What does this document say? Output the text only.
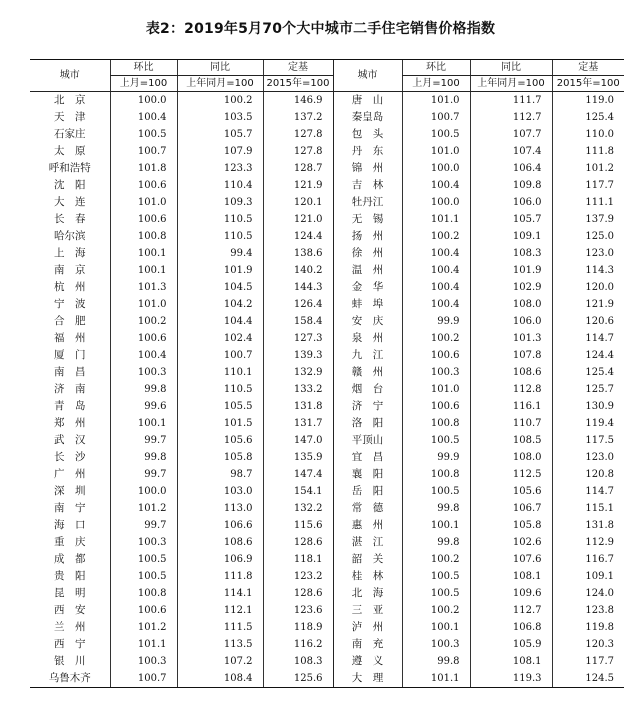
表2：2019年5月70个大中城市二手住宅销售价格指数
城市	环比	同比	定基	城市	环比	同比	定基
	上月=100	上年同月=100	2015年=100		上月=100	上年同月=100	2015年=100
北　京	100.0	100.2	146.9	唐　山	101.0	111.7	119.0
天　津	100.4	103.5	137.2	秦皇岛	100.7	112.7	125.4
石家庄	100.5	105.7	127.8	包　头	100.5	107.7	110.0
太　原	100.7	107.9	127.8	丹　东	101.0	107.4	111.8
呼和浩特	101.8	123.3	128.7	锦　州	100.0	106.4	101.2
沈　阳	100.6	110.4	121.9	吉　林	100.4	109.8	117.7
大　连	101.0	109.3	120.1	牡丹江	100.0	106.0	111.1
长　春	100.6	110.5	121.0	无　锡	101.1	105.7	137.9
哈尔滨	100.8	110.5	124.4	扬　州	100.2	109.1	125.0
上　海	100.1	99.4	138.6	徐　州	100.4	108.3	123.0
南　京	100.1	101.9	140.2	温　州	100.4	101.9	114.3
杭　州	101.3	104.5	144.3	金　华	100.4	102.9	120.0
宁　波	101.0	104.2	126.4	蚌　埠	100.4	108.0	121.9
合　肥	100.2	104.4	158.4	安　庆	99.9	106.0	120.6
福　州	100.6	102.4	127.3	泉　州	100.2	101.3	114.7
厦　门	100.4	100.7	139.3	九　江	100.6	107.8	124.4
南　昌	100.3	110.1	132.9	赣　州	100.3	108.6	125.4
济　南	99.8	110.5	133.2	烟　台	101.0	112.8	125.7
青　岛	99.6	105.5	131.8	济　宁	100.6	116.1	130.9
郑　州	100.1	101.5	131.7	洛　阳	100.8	110.7	119.4
武　汉	99.7	105.6	147.0	平顶山	100.5	108.5	117.5
长　沙	99.8	105.8	135.9	宜　昌	99.9	108.0	123.0
广　州	99.7	98.7	147.4	襄　阳	100.8	112.5	120.8
深　圳	100.0	103.0	154.1	岳　阳	100.5	105.6	114.7
南　宁	101.2	113.0	132.2	常　德	99.8	106.7	115.1
海　口	99.7	106.6	115.6	惠　州	100.1	105.8	131.8
重　庆	100.3	108.6	128.6	湛　江	99.8	102.6	112.9
成　都	100.5	106.9	118.1	韶　关	100.2	107.6	116.7
贵　阳	100.5	111.8	123.2	桂　林	100.5	108.1	109.1
昆　明	100.8	114.1	128.6	北　海	100.5	109.6	124.0
西　安	100.6	112.1	123.6	三　亚	100.2	112.7	123.8
兰　州	101.2	111.5	118.9	泸　州	100.1	106.8	119.8
西　宁	101.1	113.5	116.2	南　充	100.3	105.9	120.3
银　川	100.3	107.2	108.3	遵　义	99.8	108.1	117.7
乌鲁木齐	100.7	108.4	125.6	大　理	101.1	119.3	124.5
